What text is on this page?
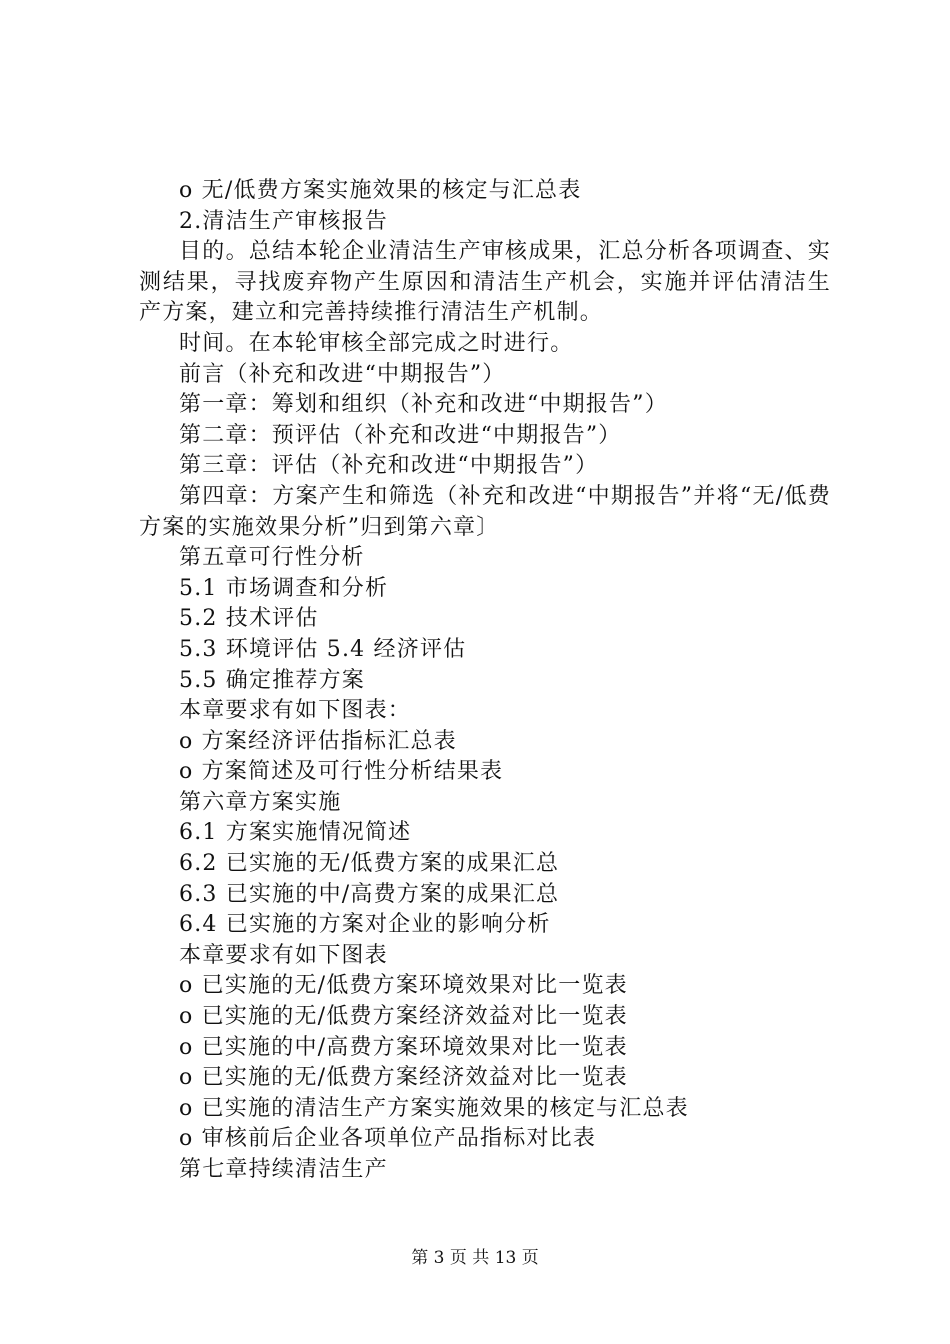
o 无/低费方案实施效果的核定与汇总表
2.清洁生产审核报告
目的。总结本轮企业清洁生产审核成果，汇总分析各项调查、实测结果，寻找废弃物产生原因和清洁生产机会，实施并评估清洁生产方案，建立和完善持续推行清洁生产机制。
时间。在本轮审核全部完成之时进行。
前言（补充和改进“中期报告”）
第一章：筹划和组织（补充和改进“中期报告”）
第二章：预评估（补充和改进“中期报告”）
第三章：评估（补充和改进“中期报告”）
第四章：方案产生和筛选（补充和改进“中期报告”并将“无/低费方案的实施效果分析”归到第六章〕
第五章可行性分析
5.1 市场调查和分析
5.2 技术评估
5.3 环境评估 5.4 经济评估
5.5 确定推荐方案
本章要求有如下图表：
o 方案经济评估指标汇总表
o 方案简述及可行性分析结果表
第六章方案实施
6.1 方案实施情况简述
6.2 已实施的无/低费方案的成果汇总
6.3 已实施的中/高费方案的成果汇总
6.4 已实施的方案对企业的影响分析
本章要求有如下图表
o 已实施的无/低费方案环境效果对比一览表
o 已实施的无/低费方案经济效益对比一览表
o 已实施的中/高费方案环境效果对比一览表
o 已实施的无/低费方案经济效益对比一览表
o 已实施的清洁生产方案实施效果的核定与汇总表
o 审核前后企业各项单位产品指标对比表
第七章持续清洁生产
第 3 页 共 13 页
